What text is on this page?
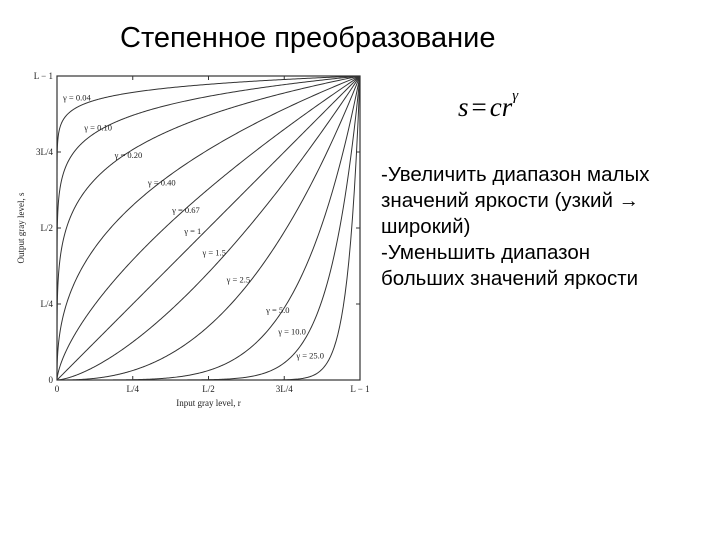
Степенное преобразование
γ = 0.04
γ = 0.10
γ = 0.20
γ = 0.40
γ = 0.67
γ = 1
γ = 1.5
γ = 2.5
γ = 5.0
γ = 10.0
γ = 25.0
0	L/4	L/2	3L/4	L − 1
0
L/4
L/2
3L/4
L − 1
Input gray level, r
Output gray level, s
$s = cr^\gamma$
-Увеличить диапазон малых
значений яркости (узкий →
широкий)
-Уменьшить диапазон
больших значений яркости
